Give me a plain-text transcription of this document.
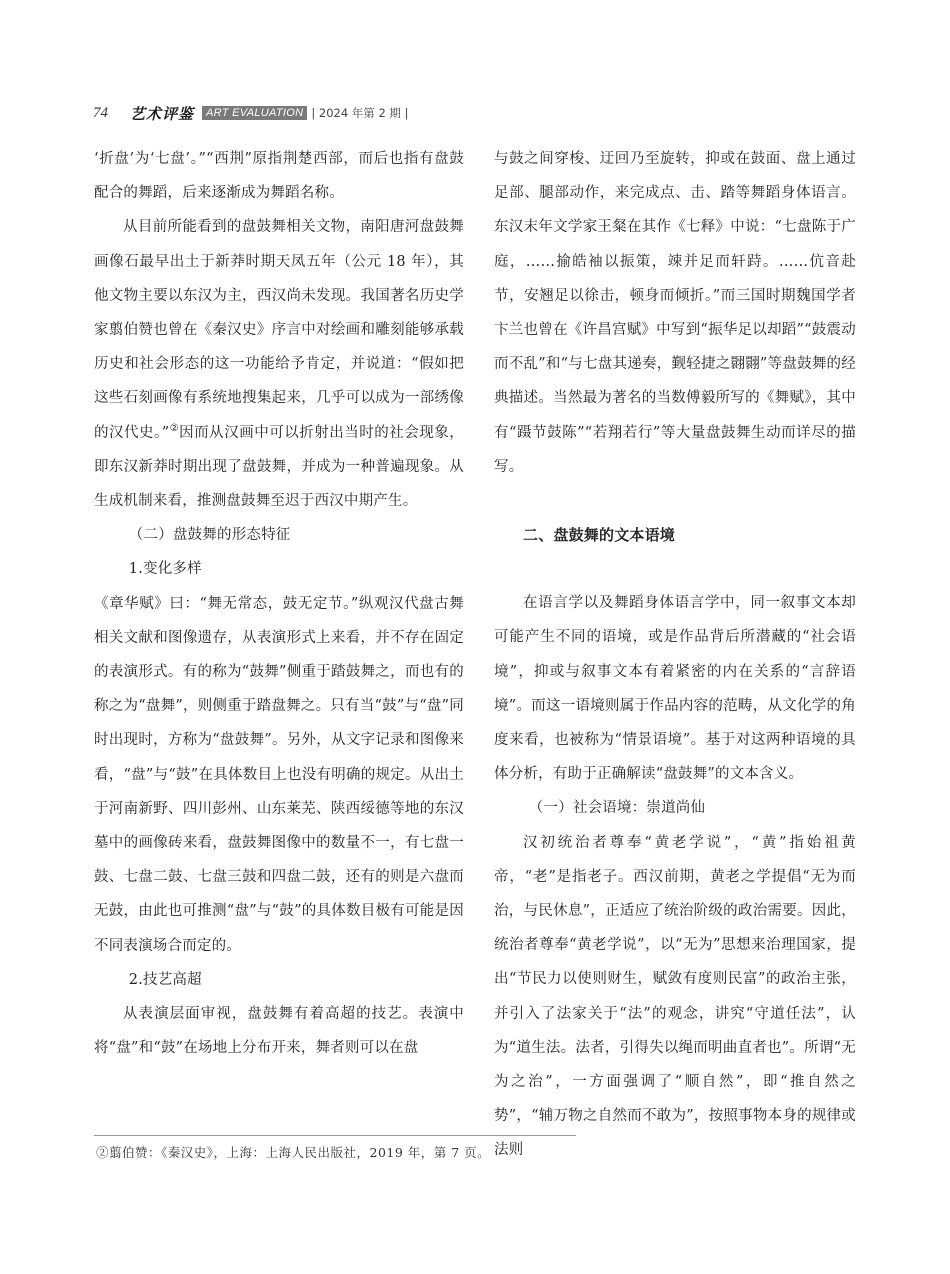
74 艺术评鉴	ART EVALUATION | 2024 年第 2 期 |

‘折盘’为‘七盘’。”“西荆”原指荆楚西部，而后也指有盘鼓配合的舞蹈，后来逐渐成为舞蹈名称。

从目前所能看到的盘鼓舞相关文物，南阳唐河盘鼓舞画像石最早出土于新莽时期天凤五年（公元 18 年），其他文物主要以东汉为主，西汉尚未发现。我国著名历史学家翦伯赞也曾在《秦汉史》序言中对绘画和雕刻能够承载历史和社会形态的这一功能给予肯定，并说道：“假如把这些石刻画像有系统地搜集起来，几乎可以成为一部绣像的汉代史。”②因而从汉画中可以折射出当时的社会现象，即东汉新莽时期出现了盘鼓舞，并成为一种普遍现象。从生成机制来看，推测盘鼓舞至迟于西汉中期产生。

（二）盘鼓舞的形态特征

1.变化多样

《章华赋》曰：“舞无常态，鼓无定节。”纵观汉代盘古舞相关文献和图像遗存，从表演形式上来看，并不存在固定的表演形式。有的称为“鼓舞”侧重于踏鼓舞之，而也有的称之为“盘舞”，则侧重于踏盘舞之。只有当“鼓”与“盘”同时出现时，方称为“盘鼓舞”。另外，从文字记录和图像来看，“盘”与“鼓”在具体数目上也没有明确的规定。从出土于河南新野、四川彭州、山东莱芜、陕西绥德等地的东汉墓中的画像砖来看，盘鼓舞图像中的数量不一，有七盘一鼓、七盘二鼓、七盘三鼓和四盘二鼓，还有的则是六盘而无鼓，由此也可推测“盘”与“鼓”的具体数目极有可能是因不同表演场合而定的。

2.技艺高超

从表演层面审视，盘鼓舞有着高超的技艺。表演中将“盘”和“鼓”在场地上分布开来，舞者则可以在盘

与鼓之间穿梭、迂回乃至旋转，抑或在鼓面、盘上通过足部、腿部动作，来完成点、击、踏等舞蹈身体语言。东汉末年文学家王粲在其作《七释》中说：“七盘陈于广庭，……揄皓袖以振策，竦并足而轩跱。……伉音赴节，安翘足以徐击，顿身而倾折。”而三国时期魏国学者卞兰也曾在《许昌宫赋》中写到“振华足以却蹈”“鼓震动而不乱”和“与七盘其递奏，觐轻捷之翾翾”等盘鼓舞的经典描述。当然最为著名的当数傅毅所写的《舞赋》，其中有“蹑节鼓陈”“若翔若行”等大量盘鼓舞生动而详尽的描写。

二、盘鼓舞的文本语境

在语言学以及舞蹈身体语言学中，同一叙事文本却可能产生不同的语境，或是作品背后所潜藏的“社会语境”，抑或与叙事文本有着紧密的内在关系的“言辞语境”。而这一语境则属于作品内容的范畴，从文化学的角度来看，也被称为“情景语境”。基于对这两种语境的具体分析，有助于正确解读“盘鼓舞”的文本含义。

（一）社会语境：崇道尚仙

汉初统治者尊奉“黄老学说”，“黄”指始祖黄帝，“老”是指老子。西汉前期，黄老之学提倡“无为而治，与民休息”，正适应了统治阶级的政治需要。因此，统治者尊奉“黄老学说”，以“无为”思想来治理国家，提出“节民力以使则财生，赋敛有度则民富”的政治主张，并引入了法家关于“法”的观念，讲究“守道任法”，认为“道生法。法者，引得失以绳而明曲直者也”。所谓“无为之治”，一方面强调了“顺自然”，即“推自然之势”，“辅万物之自然而不敢为”，按照事物本身的规律或法则

②翦伯赞：《秦汉史》，上海：上海人民出版社，2019 年，第 7 页。
